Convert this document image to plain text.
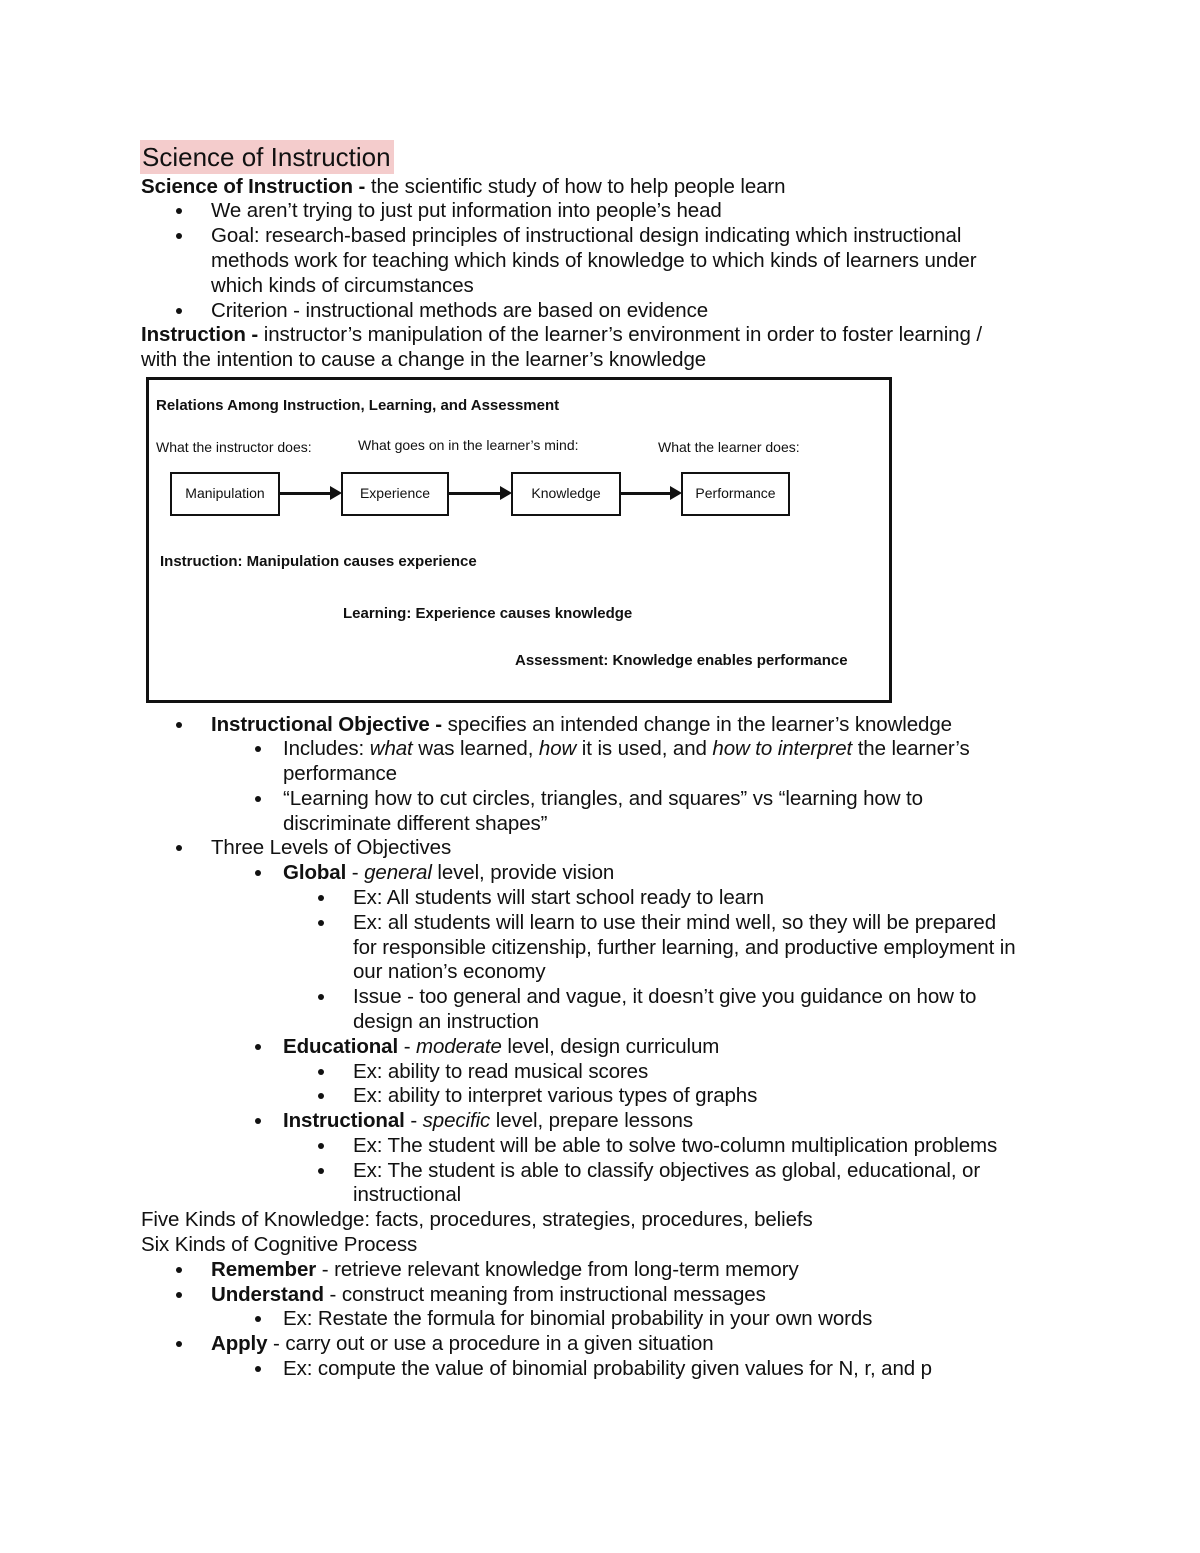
Science of Instruction
Science of Instruction - the scientific study of how to help people learn
We aren’t trying to just put information into people’s head
Goal: research-based principles of instructional design indicating which instructional
methods work for teaching which kinds of knowledge to which kinds of learners under
which kinds of circumstances
Criterion - instructional methods are based on evidence
Instruction - instructor’s manipulation of the learner’s environment in order to foster learning /
with the intention to cause a change in the learner’s knowledge
Relations Among Instruction, Learning, and Assessment
What the instructor does:	What goes on in the learner’s mind:	What the learner does:
Manipulation	Experience	Knowledge	Performance
Instruction: Manipulation causes experience
Learning: Experience causes knowledge
Assessment: Knowledge enables performance
Instructional Objective - specifies an intended change in the learner’s knowledge
Includes: what was learned, how it is used, and how to interpret the learner’s
performance
“Learning how to cut circles, triangles, and squares” vs “learning how to
discriminate different shapes”
Three Levels of Objectives
Global - general level, provide vision
Ex: All students will start school ready to learn
Ex: all students will learn to use their mind well, so they will be prepared
for responsible citizenship, further learning, and productive employment in
our nation’s economy
Issue - too general and vague, it doesn’t give you guidance on how to
design an instruction
Educational - moderate level, design curriculum
Ex: ability to read musical scores
Ex: ability to interpret various types of graphs
Instructional - specific level, prepare lessons
Ex: The student will be able to solve two-column multiplication problems
Ex: The student is able to classify objectives as global, educational, or
instructional
Five Kinds of Knowledge: facts, procedures, strategies, procedures, beliefs
Six Kinds of Cognitive Process
Remember - retrieve relevant knowledge from long-term memory
Understand - construct meaning from instructional messages
Ex: Restate the formula for binomial probability in your own words
Apply - carry out or use a procedure in a given situation
Ex: compute the value of binomial probability given values for N, r, and p
